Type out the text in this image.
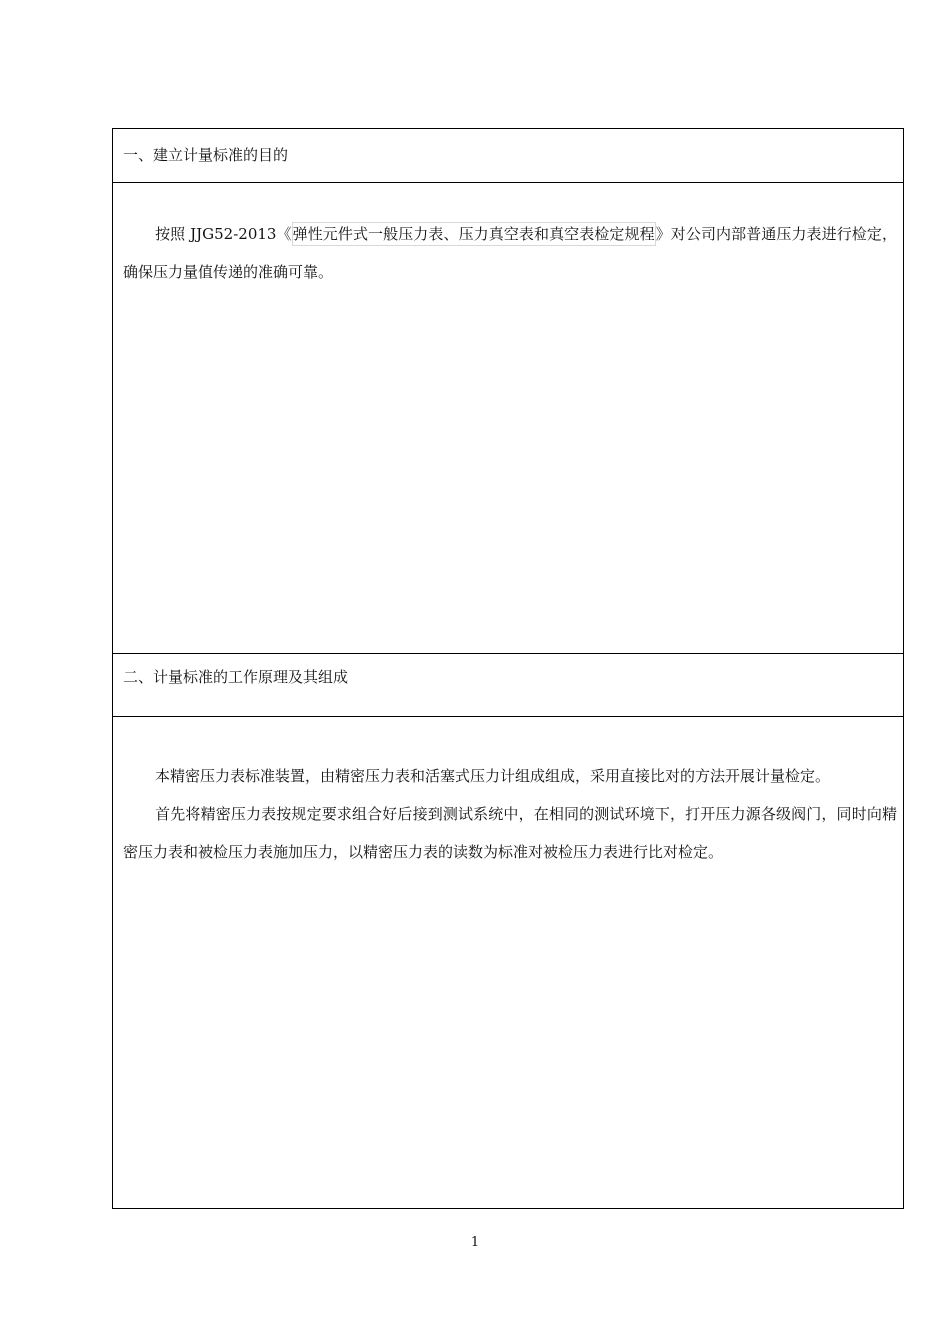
一、建立计量标准的目的

按照 JJG52-2013《弹性元件式一般压力表、压力真空表和真空表检定规程》对公司内部普通压力表进行检定，确保压力量值传递的准确可靠。

二、计量标准的工作原理及其组成

本精密压力表标准装置，由精密压力表和活塞式压力计组成组成，采用直接比对的方法开展计量检定。

首先将精密压力表按规定要求组合好后接到测试系统中，在相同的测试环境下，打开压力源各级阀门，同时向精密压力表和被检压力表施加压力，以精密压力表的读数为标准对被检压力表进行比对检定。

1
